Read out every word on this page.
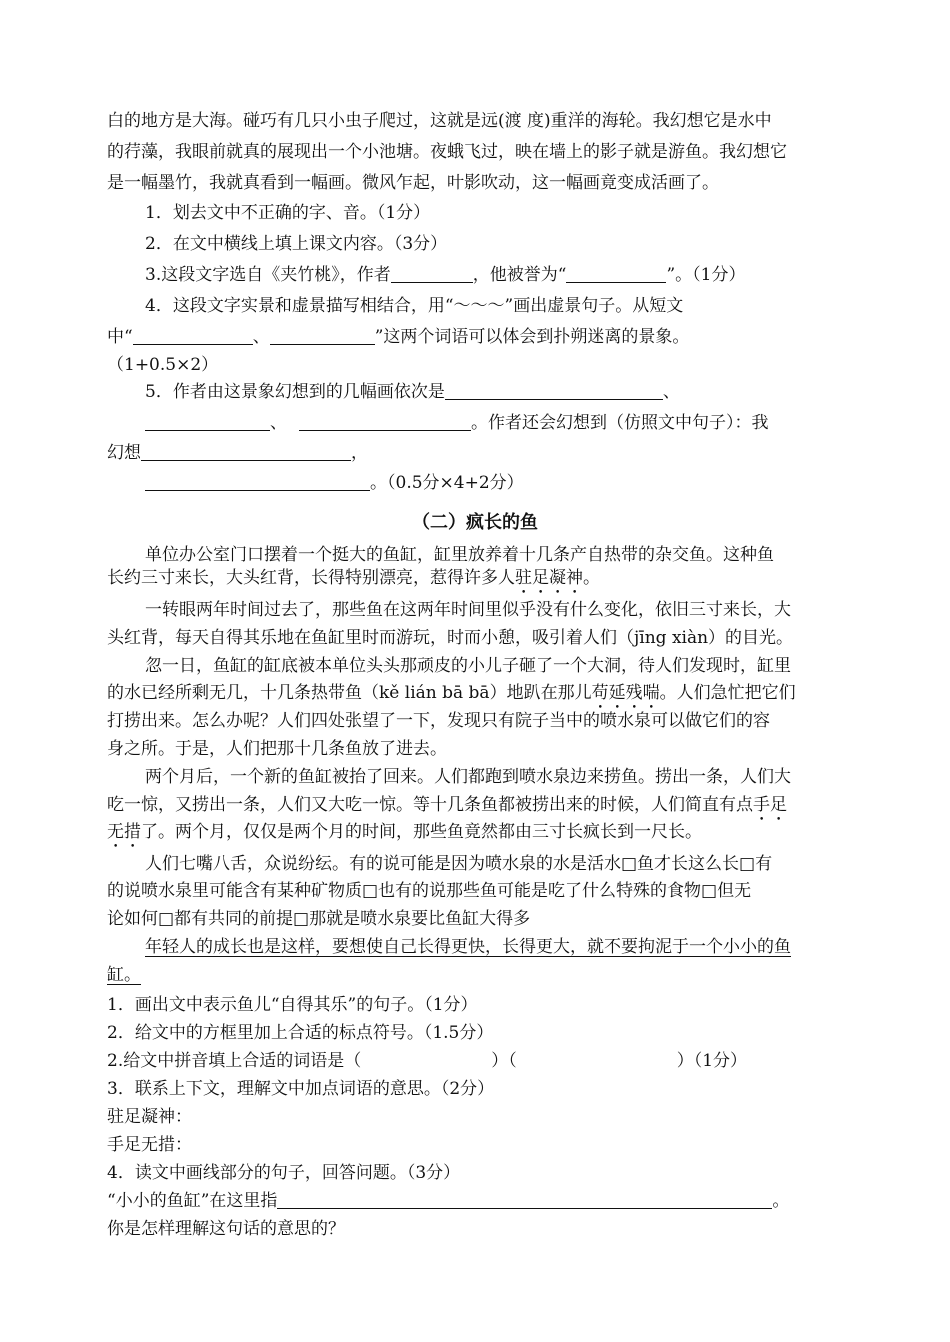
白的地方是大海。碰巧有几只小虫子爬过，这就是远(渡 度)重洋的海轮。我幻想它是水中
的荇藻，我眼前就真的展现出一个小池塘。夜蛾飞过，映在墙上的影子就是游鱼。我幻想它
是一幅墨竹，我就真看到一幅画。微风乍起，叶影吹动，这一幅画竟变成活画了。
1．划去文中不正确的字、音。（1分）
2．在文中横线上填上课文内容。（3分）
3.这段文字选自《夹竹桃》，作者	，他被誉为“	”。（1分）
4．这段文字实景和虚景描写相结合，用“～～～”画出虚景句子。从短文
中“	、	”这两个词语可以体会到扑朔迷离的景象。
（1+0.5×2）
5．作者由这景象幻想到的几幅画依次是	、
、	。作者还会幻想到（仿照文中句子）：我
幻想	，
。（0.5分×4+2分）
（二）疯长的鱼
单位办公室门口摆着一个挺大的鱼缸，缸里放养着十几条产自热带的杂交鱼。这种鱼
长约三寸来长，大头红背，长得特别漂亮，惹得许多人驻足凝神。
一转眼两年时间过去了，那些鱼在这两年时间里似乎没有什么变化，依旧三寸来长，大
头红背，每天自得其乐地在鱼缸里时而游玩，时而小憩，吸引着人们（jīng xiàn）的目光。
忽一日，鱼缸的缸底被本单位头头那顽皮的小儿子砸了一个大洞，待人们发现时，缸里
的水已经所剩无几，十几条热带鱼（kě lián bā bā）地趴在那儿苟延残喘。人们急忙把它们
打捞出来。怎么办呢？人们四处张望了一下，发现只有院子当中的喷水泉可以做它们的容
身之所。于是，人们把那十几条鱼放了进去。
两个月后，一个新的鱼缸被抬了回来。人们都跑到喷水泉边来捞鱼。捞出一条，人们大
吃一惊，又捞出一条，人们又大吃一惊。等十几条鱼都被捞出来的时候，人们简直有点手足
无措了。两个月，仅仅是两个月的时间，那些鱼竟然都由三寸长疯长到一尺长。
人们七嘴八舌，众说纷纭。有的说可能是因为喷水泉的水是活水□鱼才长这么长□有
的说喷水泉里可能含有某种矿物质□也有的说那些鱼可能是吃了什么特殊的食物□但无
论如何□都有共同的前提□那就是喷水泉要比鱼缸大得多
年轻人的成长也是这样，要想使自己长得更快，长得更大，就不要拘泥于一个小小的鱼
缸。
1．画出文中表示鱼儿“自得其乐”的句子。（1分）
2．给文中的方框里加上合适的标点符号。（1.5分）
2.给文中拼音填上合适的词语是（	）（	）（1分）
3．联系上下文，理解文中加点词语的意思。（2分）
驻足凝神：
手足无措：
4．读文中画线部分的句子，回答问题。（3分）
“小小的鱼缸”在这里指	。
你是怎样理解这句话的意思的？
